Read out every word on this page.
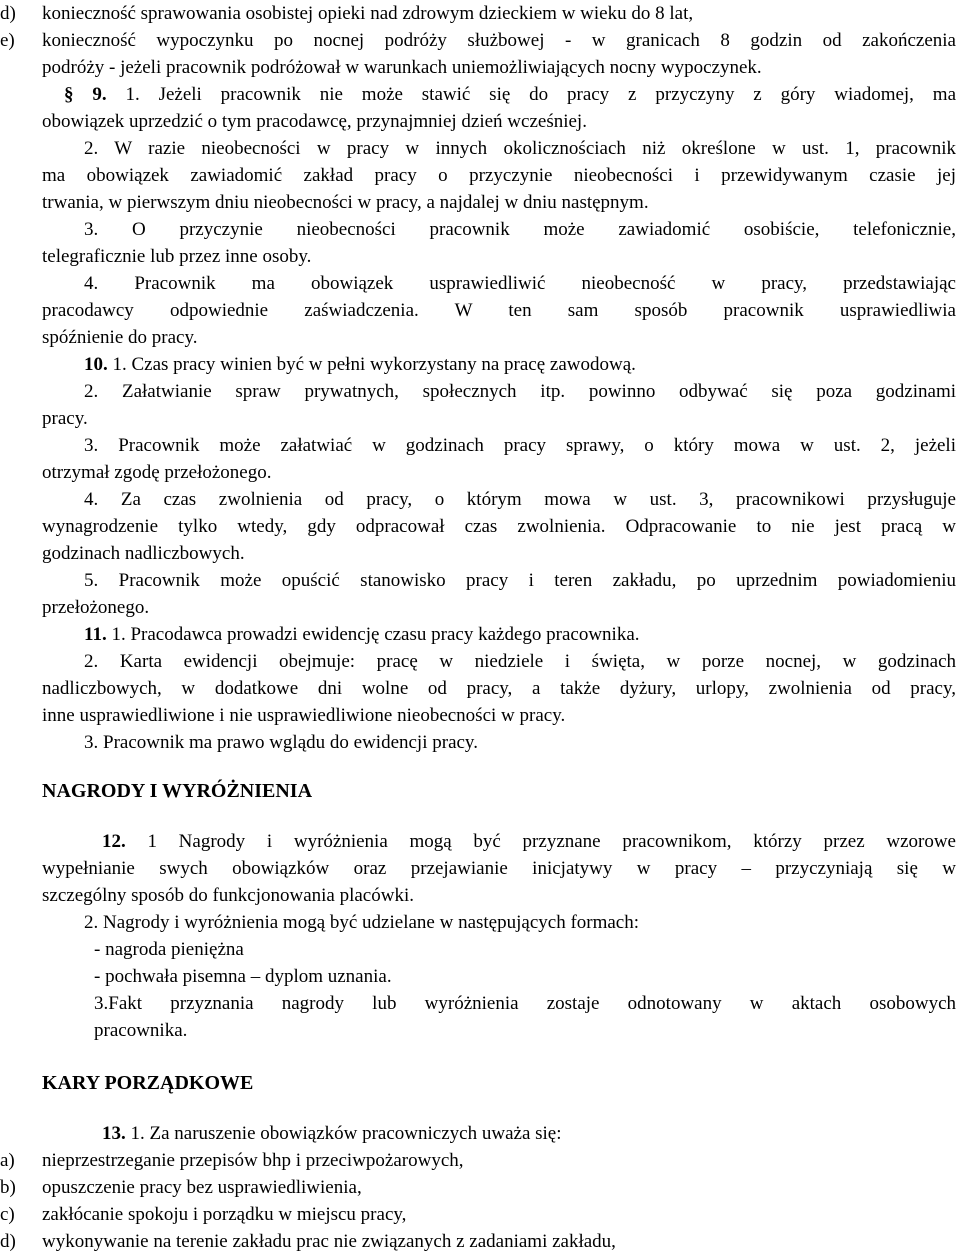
d)	konieczność sprawowania osobistej opieki nad zdrowym dzieckiem w wieku do 8 lat,
e)	konieczność wypoczynku po nocnej podróży służbowej - w granicach 8 godzin od zakończenia
podróży - jeżeli pracownik podróżował w warunkach uniemożliwiających nocny wypoczynek.
§ 9. 1. Jeżeli pracownik nie może stawić się do pracy z przyczyny z góry wiadomej, ma
obowiązek uprzedzić o tym pracodawcę, przynajmniej dzień wcześniej.
2. W razie nieobecności w pracy w innych okolicznościach niż określone w ust. 1, pracownik
ma obowiązek zawiadomić zakład pracy o przyczynie nieobecności i przewidywanym czasie jej
trwania, w pierwszym dniu nieobecności w pracy, a najdalej w dniu następnym.
3. O przyczynie nieobecności pracownik może zawiadomić osobiście, telefonicznie,
telegraficznie lub przez inne osoby.
4. Pracownik ma obowiązek usprawiedliwić nieobecność w pracy, przedstawiając
pracodawcy odpowiednie zaświadczenia. W ten sam sposób pracownik usprawiedliwia
spóźnienie do pracy.
10. 1. Czas pracy winien być w pełni wykorzystany na pracę zawodową.
2. Załatwianie spraw prywatnych, społecznych itp. powinno odbywać się poza godzinami
pracy.
3. Pracownik może załatwiać w godzinach pracy sprawy, o który mowa w ust. 2, jeżeli
otrzymał zgodę przełożonego.
4. Za czas zwolnienia od pracy, o którym mowa w ust. 3, pracownikowi przysługuje
wynagrodzenie tylko wtedy, gdy odpracował czas zwolnienia. Odpracowanie to nie jest pracą w
godzinach nadliczbowych.
5. Pracownik może opuścić stanowisko pracy i teren zakładu, po uprzednim powiadomieniu
przełożonego.
11. 1. Pracodawca prowadzi ewidencję czasu pracy każdego pracownika.
2. Karta ewidencji obejmuje: pracę w niedziele i święta, w porze nocnej, w godzinach
nadliczbowych, w dodatkowe dni wolne od pracy, a także dyżury, urlopy, zwolnienia od pracy,
inne usprawiedliwione i nie usprawiedliwione nieobecności w pracy.
3. Pracownik ma prawo wglądu do ewidencji pracy.
NAGRODY I WYRÓŻNIENIA
12. 1 Nagrody i wyróżnienia mogą być przyznane pracownikom, którzy przez wzorowe
wypełnianie swych obowiązków oraz przejawianie inicjatywy w pracy – przyczyniają się w
szczególny sposób do funkcjonowania placówki.
2. Nagrody i wyróżnienia mogą być udzielane w następujących formach:
- nagroda pieniężna
- pochwała pisemna – dyplom uznania.
3.Fakt przyznania nagrody lub wyróżnienia zostaje odnotowany w aktach osobowych
pracownika.
KARY PORZĄDKOWE
13. 1. Za naruszenie obowiązków pracowniczych uważa się:
a)	nieprzestrzeganie przepisów bhp i przeciwpożarowych,
b)	opuszczenie pracy bez usprawiedliwienia,
c)	zakłócanie spokoju i porządku w miejscu pracy,
d)	wykonywanie na terenie zakładu prac nie związanych z zadaniami zakładu,
